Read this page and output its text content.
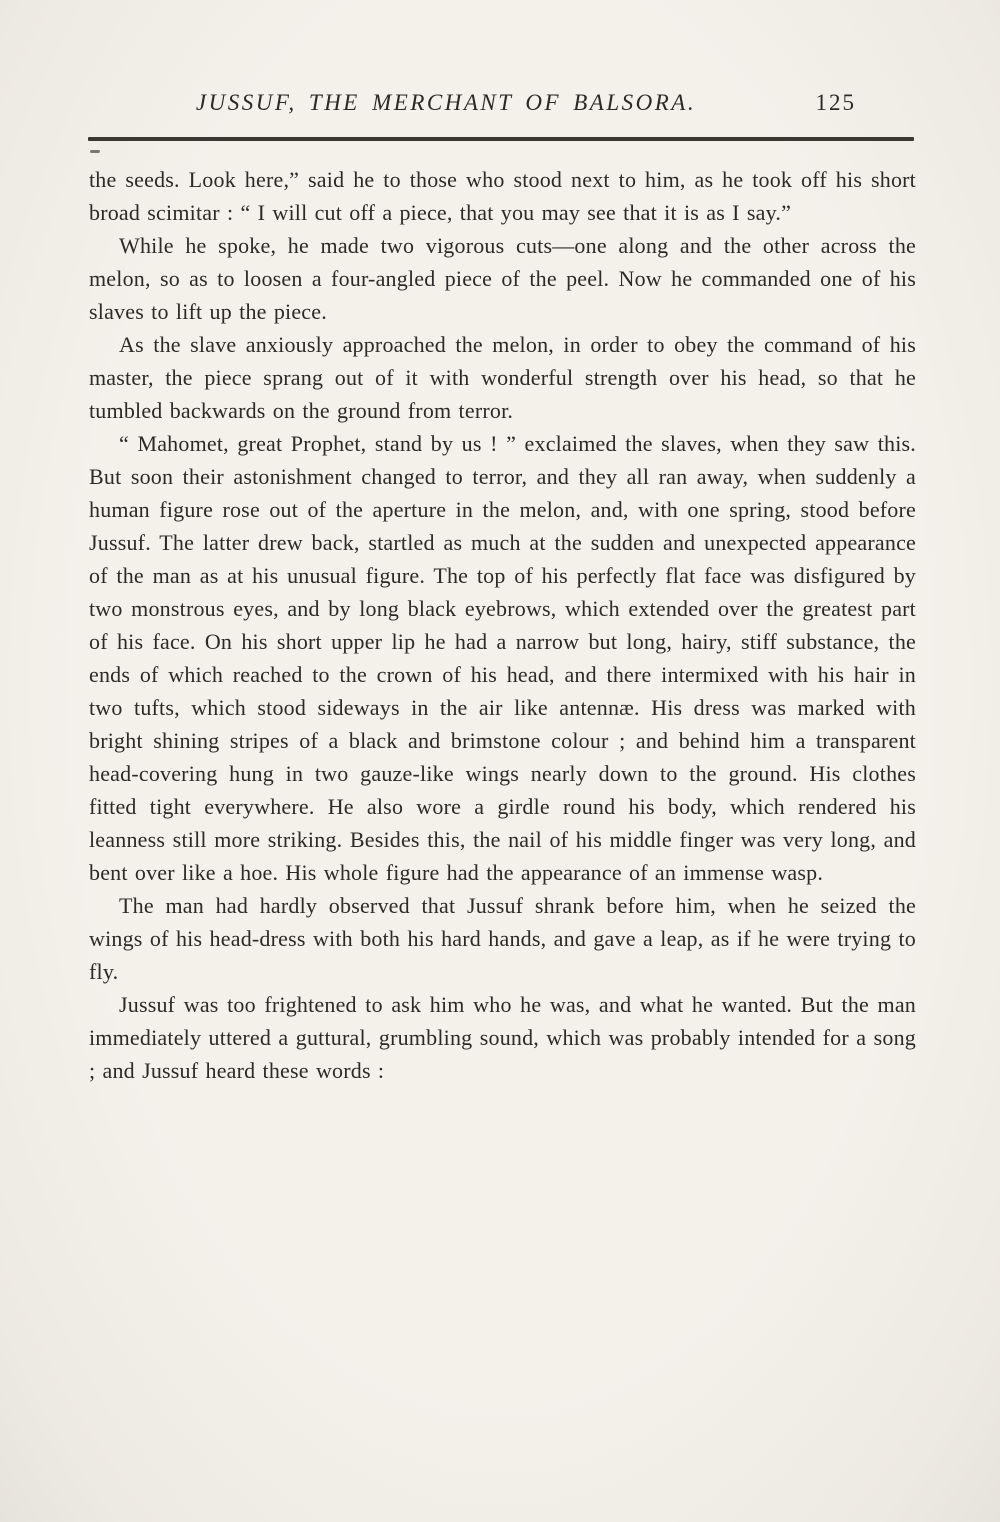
JUSSUF, THE MERCHANT OF BALSORA.	125

the seeds. Look here,” said he to those who stood next to him, as he took off his short broad scimitar : “ I will cut off a piece, that you may see that it is as I say.”

While he spoke, he made two vigorous cuts—one along and the other across the melon, so as to loosen a four-angled piece of the peel. Now he commanded one of his slaves to lift up the piece.

As the slave anxiously approached the melon, in order to obey the command of his master, the piece sprang out of it with wonderful strength over his head, so that he tumbled backwards on the ground from terror.

“ Mahomet, great Prophet, stand by us ! ” exclaimed the slaves, when they saw this. But soon their astonishment changed to terror, and they all ran away, when suddenly a human figure rose out of the aperture in the melon, and, with one spring, stood before Jussuf. The latter drew back, startled as much at the sudden and unexpected appearance of the man as at his unusual figure. The top of his perfectly flat face was disfigured by two monstrous eyes, and by long black eyebrows, which extended over the greatest part of his face. On his short upper lip he had a narrow but long, hairy, stiff substance, the ends of which reached to the crown of his head, and there intermixed with his hair in two tufts, which stood sideways in the air like antennæ. His dress was marked with bright shining stripes of a black and brimstone colour ; and behind him a transparent head-covering hung in two gauze-like wings nearly down to the ground. His clothes fitted tight everywhere. He also wore a girdle round his body, which rendered his leanness still more striking. Besides this, the nail of his middle finger was very long, and bent over like a hoe. His whole figure had the appearance of an immense wasp.

The man had hardly observed that Jussuf shrank before him, when he seized the wings of his head-dress with both his hard hands, and gave a leap, as if he were trying to fly.

Jussuf was too frightened to ask him who he was, and what he wanted. But the man immediately uttered a guttural, grumbling sound, which was probably intended for a song ; and Jussuf heard these words :
